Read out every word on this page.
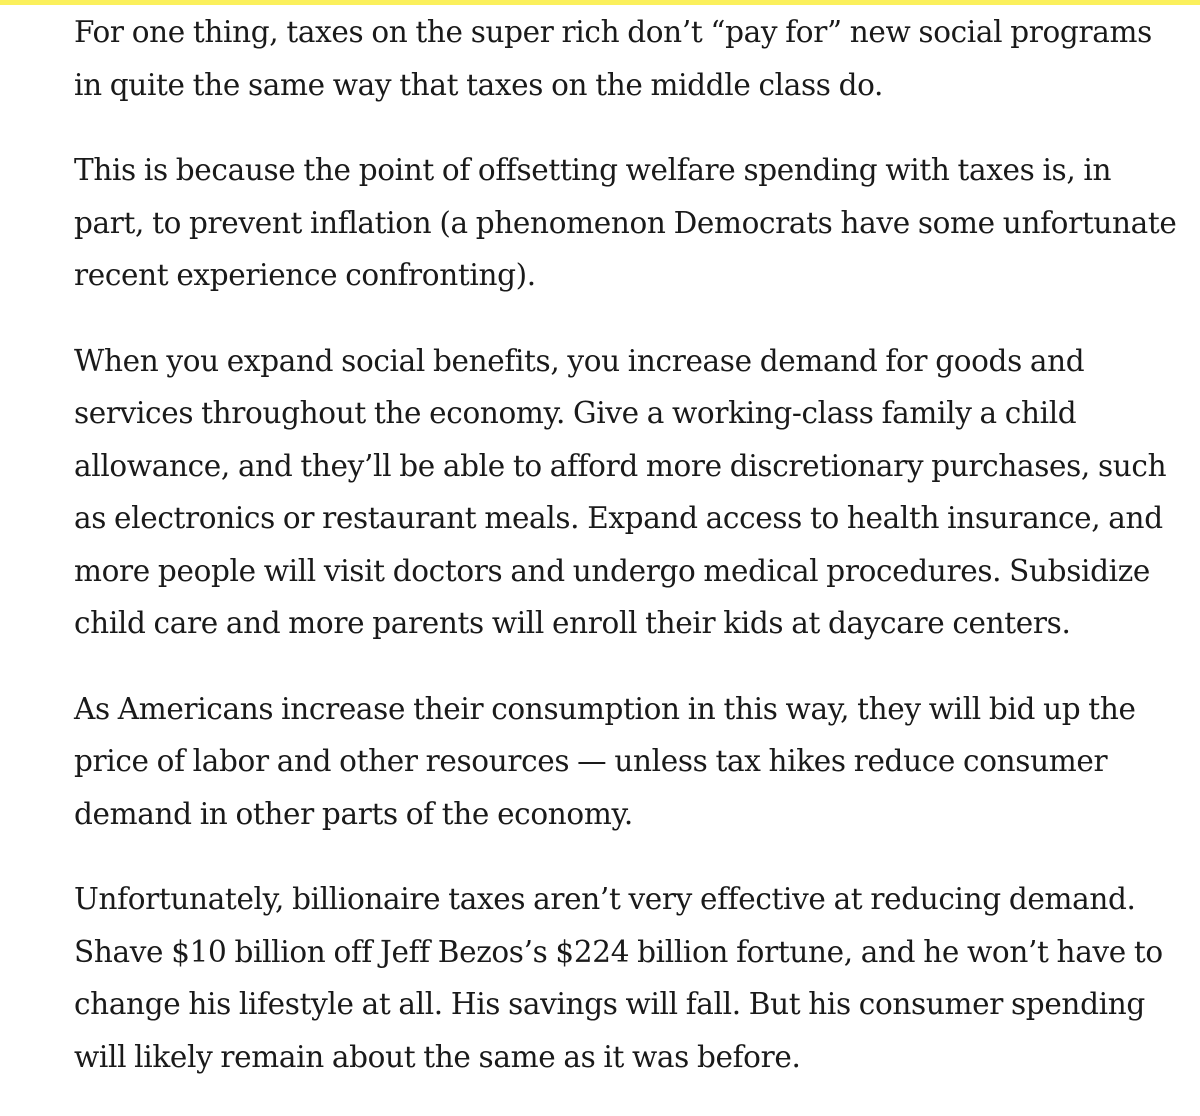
For one thing, taxes on the super rich don’t “pay for” new social programs in quite the same way that taxes on the middle class do.

This is because the point of offsetting welfare spending with taxes is, in part, to prevent inflation (a phenomenon Democrats have some unfortunate recent experience confronting).

When you expand social benefits, you increase demand for goods and services throughout the economy. Give a working-class family a child allowance, and they’ll be able to afford more discretionary purchases, such as electronics or restaurant meals. Expand access to health insurance, and more people will visit doctors and undergo medical procedures. Subsidize child care and more parents will enroll their kids at daycare centers.

As Americans increase their consumption in this way, they will bid up the price of labor and other resources — unless tax hikes reduce consumer demand in other parts of the economy.

Unfortunately, billionaire taxes aren’t very effective at reducing demand. Shave $10 billion off Jeff Bezos’s $224 billion fortune, and he won’t have to change his lifestyle at all. His savings will fall. But his consumer spending will likely remain about the same as it was before.
